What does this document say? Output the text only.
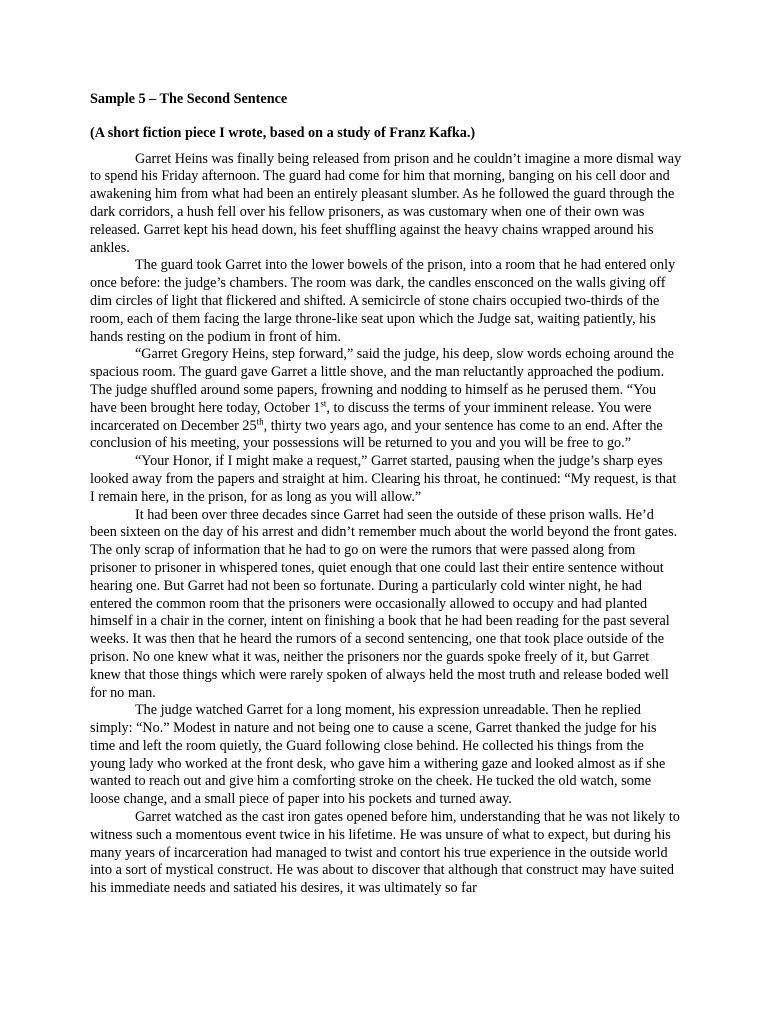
Sample 5 – The Second Sentence

(A short fiction piece I wrote, based on a study of Franz Kafka.)

Garret Heins was finally being released from prison and he couldn’t imagine a more dismal way to spend his Friday afternoon. The guard had come for him that morning, banging on his cell door and awakening him from what had been an entirely pleasant slumber. As he followed the guard through the dark corridors, a hush fell over his fellow prisoners, as was customary when one of their own was released. Garret kept his head down, his feet shuffling against the heavy chains wrapped around his ankles.

The guard took Garret into the lower bowels of the prison, into a room that he had entered only once before: the judge’s chambers. The room was dark, the candles ensconced on the walls giving off dim circles of light that flickered and shifted. A semicircle of stone chairs occupied two-thirds of the room, each of them facing the large throne-like seat upon which the Judge sat, waiting patiently, his hands resting on the podium in front of him.

“Garret Gregory Heins, step forward,” said the judge, his deep, slow words echoing around the spacious room. The guard gave Garret a little shove, and the man reluctantly approached the podium. The judge shuffled around some papers, frowning and nodding to himself as he perused them. “You have been brought here today, October 1st, to discuss the terms of your imminent release. You were incarcerated on December 25th, thirty two years ago, and your sentence has come to an end. After the conclusion of his meeting, your possessions will be returned to you and you will be free to go.”

“Your Honor, if I might make a request,” Garret started, pausing when the judge’s sharp eyes looked away from the papers and straight at him. Clearing his throat, he continued: “My request, is that I remain here, in the prison, for as long as you will allow.”

It had been over three decades since Garret had seen the outside of these prison walls. He’d been sixteen on the day of his arrest and didn’t remember much about the world beyond the front gates. The only scrap of information that he had to go on were the rumors that were passed along from prisoner to prisoner in whispered tones, quiet enough that one could last their entire sentence without hearing one. But Garret had not been so fortunate. During a particularly cold winter night, he had entered the common room that the prisoners were occasionally allowed to occupy and had planted himself in a chair in the corner, intent on finishing a book that he had been reading for the past several weeks. It was then that he heard the rumors of a second sentencing, one that took place outside of the prison. No one knew what it was, neither the prisoners nor the guards spoke freely of it, but Garret knew that those things which were rarely spoken of always held the most truth and release boded well for no man.

The judge watched Garret for a long moment, his expression unreadable. Then he replied simply: “No.” Modest in nature and not being one to cause a scene, Garret thanked the judge for his time and left the room quietly, the Guard following close behind. He collected his things from the young lady who worked at the front desk, who gave him a withering gaze and looked almost as if she wanted to reach out and give him a comforting stroke on the cheek. He tucked the old watch, some loose change, and a small piece of paper into his pockets and turned away.

Garret watched as the cast iron gates opened before him, understanding that he was not likely to witness such a momentous event twice in his lifetime. He was unsure of what to expect, but during his many years of incarceration had managed to twist and contort his true experience in the outside world into a sort of mystical construct. He was about to discover that although that construct may have suited his immediate needs and satiated his desires, it was ultimately so far
